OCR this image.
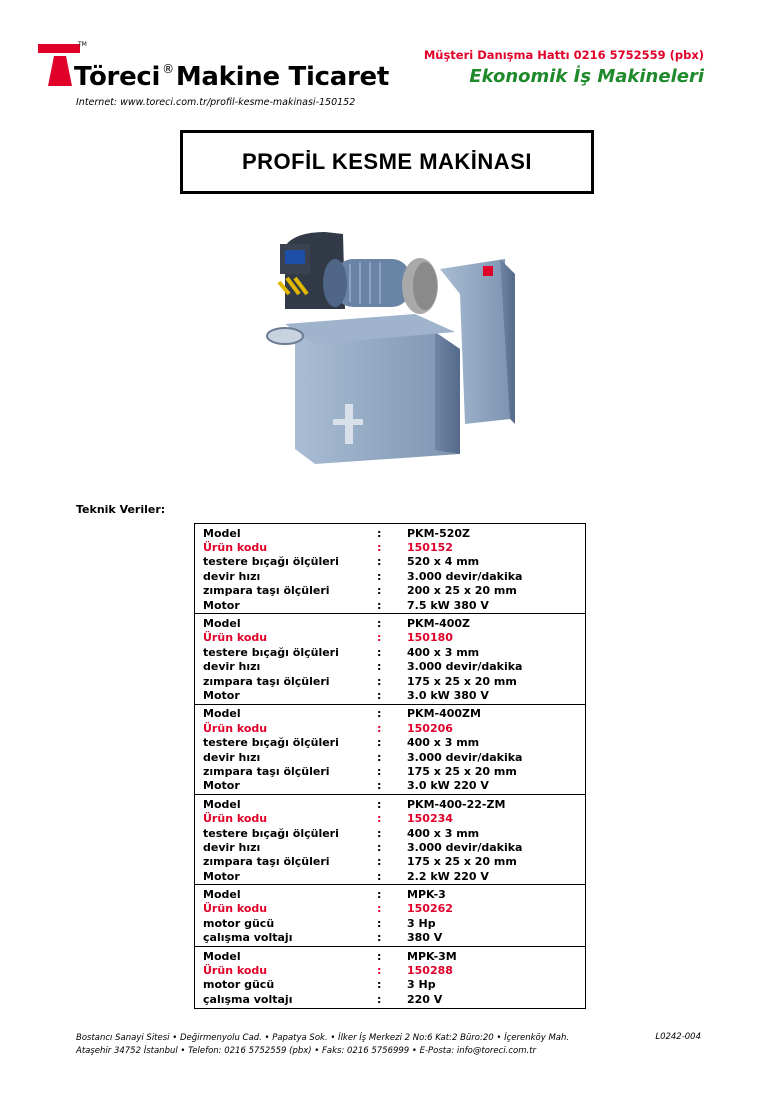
TM
Töreci ®Makine Ticaret
Internet: www.toreci.com.tr/profil-kesme-makinasi-150152
Müşteri Danışma Hattı 0216 5752559 (pbx)
Ekonomik İş Makineleri
PROFİL KESME MAKİNASI
Teknik Veriler:
Model	:	PKM-520Z
Ürün kodu	:	150152
testere bıçağı ölçüleri	:	520 x 4 mm
devir hızı	:	3.000 devir/dakika
zımpara taşı ölçüleri	:	200 x 25 x 20 mm
Motor	:	7.5 kW 380 V
Model	:	PKM-400Z
Ürün kodu	:	150180
testere bıçağı ölçüleri	:	400 x 3 mm
devir hızı	:	3.000 devir/dakika
zımpara taşı ölçüleri	:	175 x 25 x 20 mm
Motor	:	3.0 kW 380 V
Model	:	PKM-400ZM
Ürün kodu	:	150206
testere bıçağı ölçüleri	:	400 x 3 mm
devir hızı	:	3.000 devir/dakika
zımpara taşı ölçüleri	:	175 x 25 x 20 mm
Motor	:	3.0 kW 220 V
Model	:	PKM-400-22-ZM
Ürün kodu	:	150234
testere bıçağı ölçüleri	:	400 x 3 mm
devir hızı	:	3.000 devir/dakika
zımpara taşı ölçüleri	:	175 x 25 x 20 mm
Motor	:	2.2 kW 220 V
Model	:	MPK-3
Ürün kodu	:	150262
motor gücü	:	3 Hp
çalışma voltajı	:	380 V
Model	:	MPK-3M
Ürün kodu	:	150288
motor gücü	:	3 Hp
çalışma voltajı	:	220 V
Bostancı Sanayi Sitesi • Değirmenyolu Cad. • Papatya Sok. • İlker İş Merkezi 2 No:6 Kat:2 Büro:20 • İçerenköy Mah.
Ataşehir 34752 İstanbul • Telefon: 0216 5752559 (pbx) • Faks: 0216 5756999 • E-Posta: info@toreci.com.tr
L0242-004
